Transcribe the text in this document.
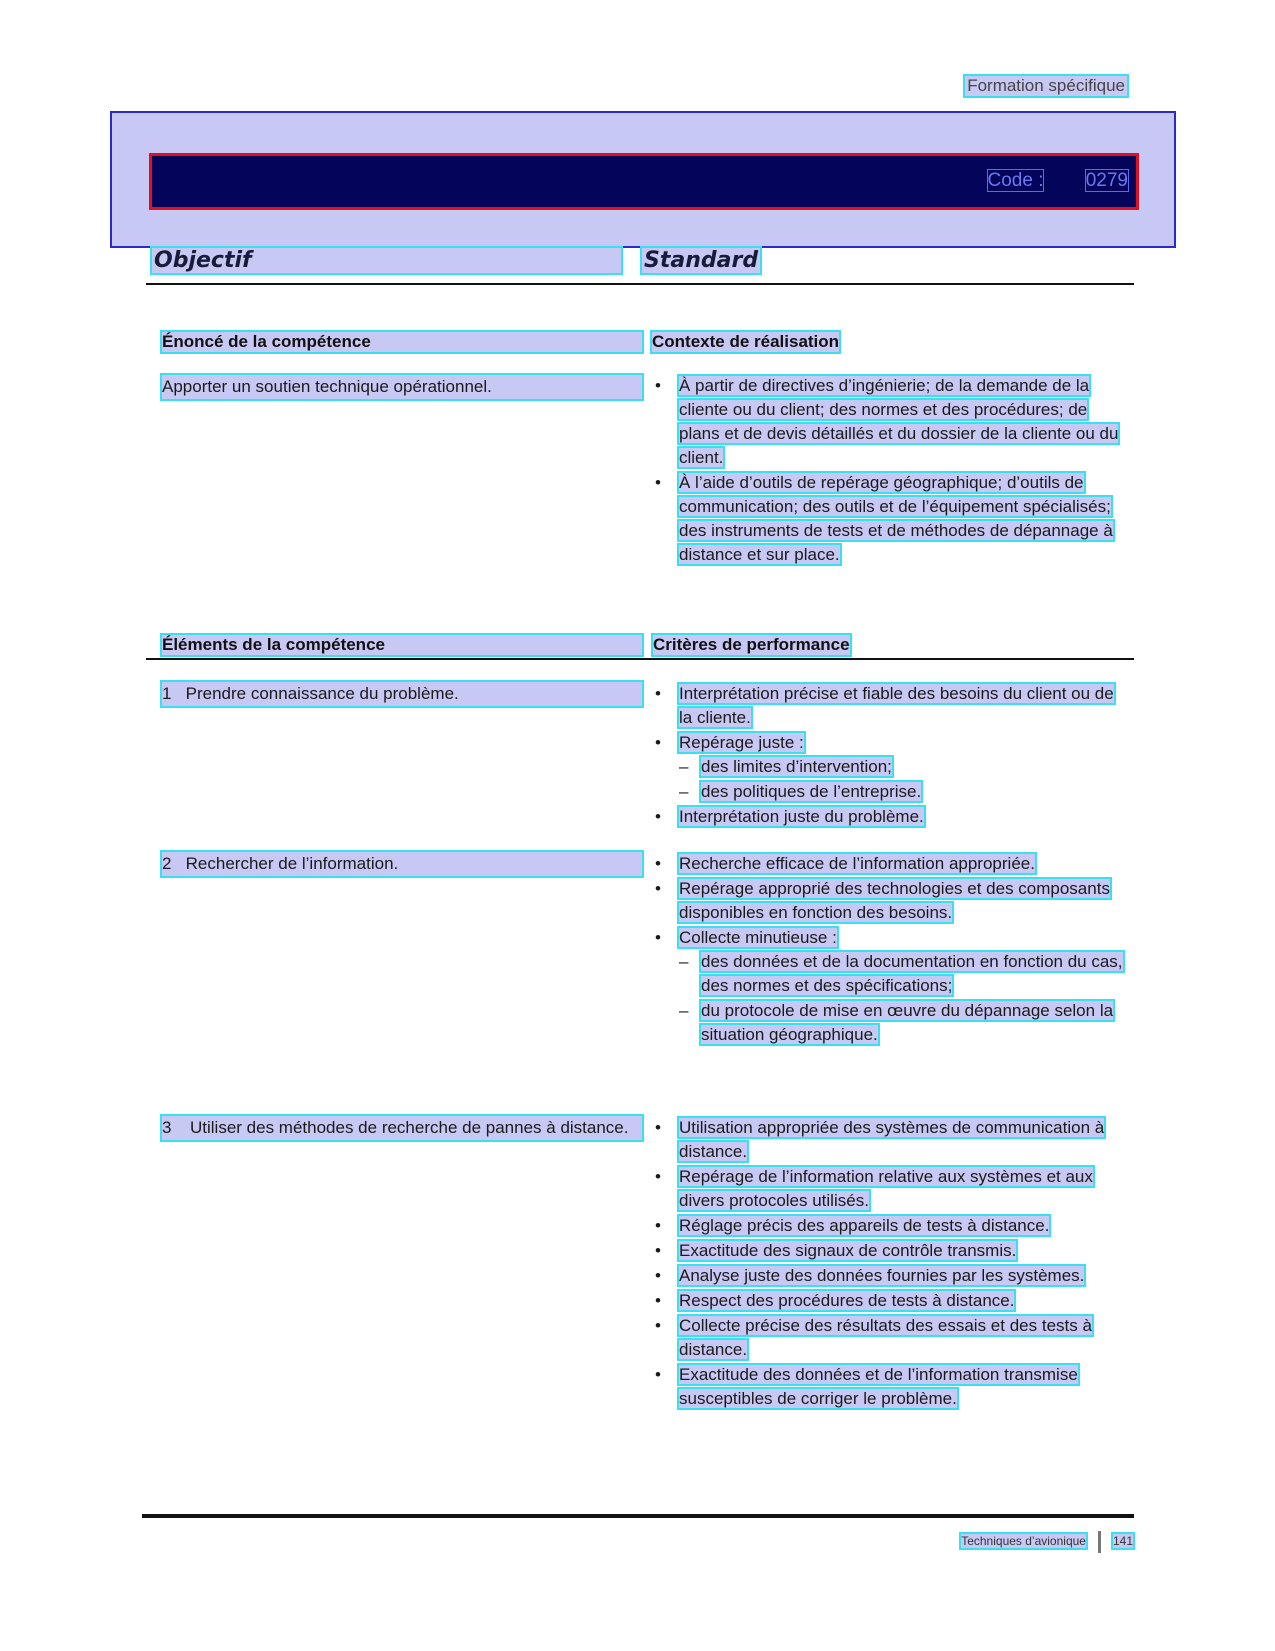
Formation spécifique
Code : 0279
Objectif	Standard
Énoncé de la compétence	Contexte de réalisation
Apporter un soutien technique opérationnel.	• À partir de directives d’ingénierie; de la demande de la cliente ou du client; des normes et des procédures; de plans et de devis détaillés et du dossier de la cliente ou du client.
• À l’aide d’outils de repérage géographique; d’outils de communication; des outils et de l’équipement spécialisés; des instruments de tests et de méthodes de dépannage à distance et sur place.
Éléments de la compétence	Critères de performance
1 Prendre connaissance du problème.	• Interprétation précise et fiable des besoins du client ou de la cliente.
• Repérage juste :
– des limites d’intervention;
– des politiques de l’entreprise.
• Interprétation juste du problème.
2 Rechercher de l’information.	• Recherche efficace de l’information appropriée.
• Repérage approprié des technologies et des composants disponibles en fonction des besoins.
• Collecte minutieuse :
– des données et de la documentation en fonction du cas, des normes et des spécifications;
– du protocole de mise en œuvre du dépannage selon la situation géographique.
3	Utiliser des méthodes de recherche de pannes à distance.	• Utilisation appropriée des systèmes de communication à distance.
• Repérage de l’information relative aux systèmes et aux divers protocoles utilisés.
• Réglage précis des appareils de tests à distance.
• Exactitude des signaux de contrôle transmis.
• Analyse juste des données fournies par les systèmes.
• Respect des procédures de tests à distance.
• Collecte précise des résultats des essais et des tests à distance.
• Exactitude des données et de l’information transmise susceptibles de corriger le problème.
Techniques d’avionique 141
